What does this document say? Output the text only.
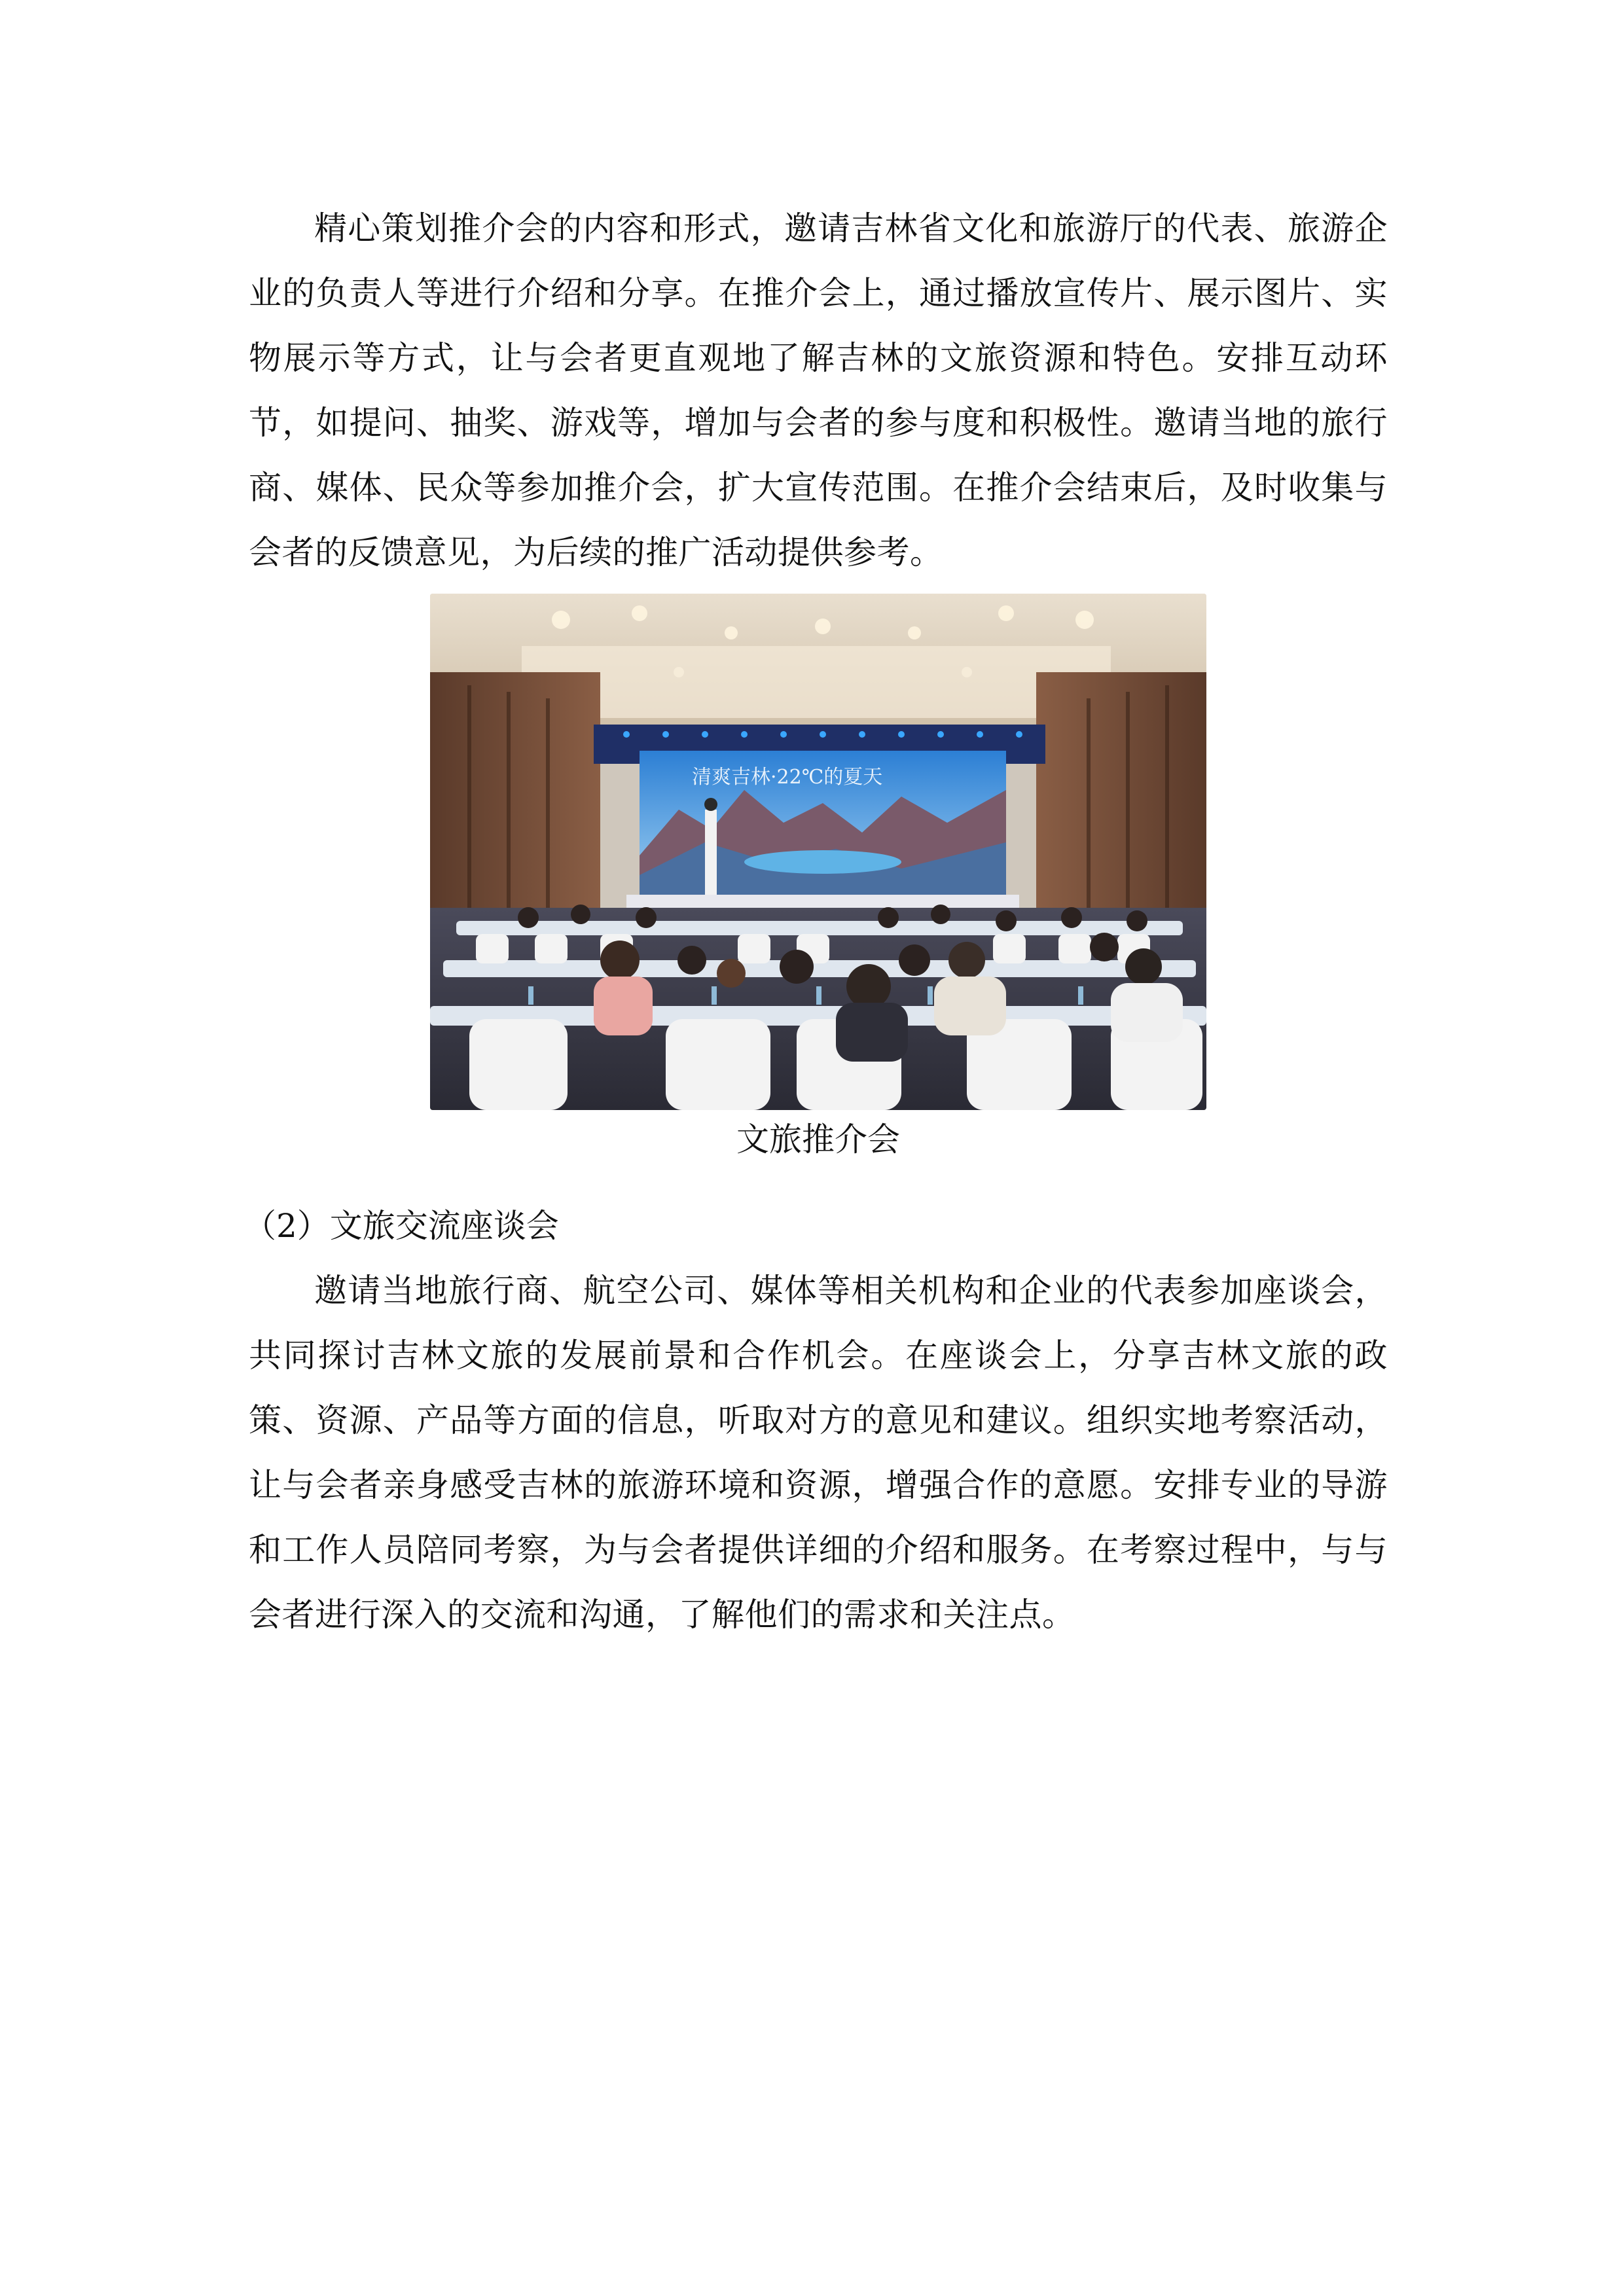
精心策划推介会的内容和形式，邀请吉林省文化和旅游厅的代表、旅游企业的负责人等进行介绍和分享。在推介会上，通过播放宣传片、展示图片、实物展示等方式，让与会者更直观地了解吉林的文旅资源和特色。安排互动环节，如提问、抽奖、游戏等，增加与会者的参与度和积极性。邀请当地的旅行商、媒体、民众等参加推介会，扩大宣传范围。在推介会结束后，及时收集与会者的反馈意见，为后续的推广活动提供参考。

清爽吉林·22℃的夏天
文旅推介会
（2）文旅交流座谈会

邀请当地旅行商、航空公司、媒体等相关机构和企业的代表参加座谈会，共同探讨吉林文旅的发展前景和合作机会。在座谈会上，分享吉林文旅的政策、资源、产品等方面的信息，听取对方的意见和建议。组织实地考察活动，让与会者亲身感受吉林的旅游环境和资源，增强合作的意愿。安排专业的导游和工作人员陪同考察，为与会者提供详细的介绍和服务。在考察过程中，与与会者进行深入的交流和沟通，了解他们的需求和关注点。
